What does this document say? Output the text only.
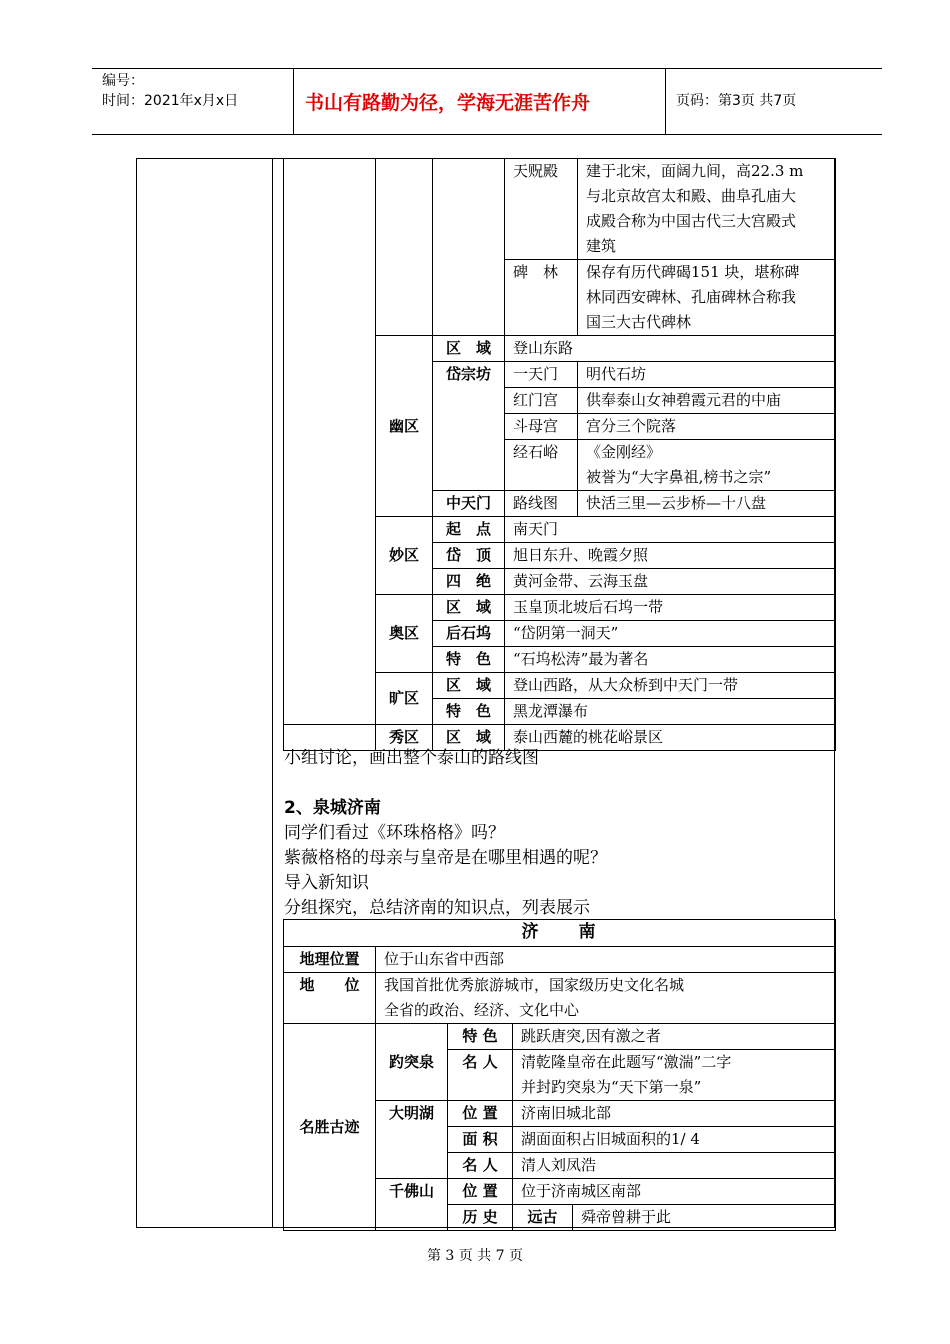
编号：
时间：2021年x月x日	书山有路勤为径，学海无涯苦作舟	页码：第3页 共7页
			天贶殿	建于北宋，面阔九间，高22.3 m
与北京故宫太和殿、曲阜孔庙大
成殿合称为中国古代三大宫殿式
建筑

			碑　林	保存有历代碑碣151 块，堪称碑
林同西安碑林、孔庙碑林合称我
国三大古代碑林

	幽区	区　域	登山东路	
		岱宗坊	一天门	明代石坊
			红门宫	供奉泰山女神碧霞元君的中庙
			斗母宫	宫分三个院落
			经石峪	《金刚经》
被誉为“大字鼻祖,榜书之宗”

		中天门	路线图	快活三里—云步桥—十八盘
	妙区	起　点	南天门	
		岱　顶	旭日东升、晚霞夕照	
		四　绝	黄河金带、云海玉盘	
	奥区	区　域	玉皇顶北坡后石坞一带	
		后石坞	“岱阴第一洞天”	
		特　色	“石坞松涛”最为著名	
	旷区	区　域	登山西路，从大众桥到中天门一带	
		特　色	黑龙潭瀑布	
	秀区	区　域	泰山西麓的桃花峪景区	
小组讨论，画出整个泰山的路线图
2、泉城济南
同学们看过《环珠格格》吗？
紫薇格格的母亲与皇帝是在哪里相遇的呢？
导入新知识
分组探究，总结济南的知识点，列表展示
济　　南				
地理位置	位于山东省中西部			
地　　位	我国首批优秀旅游城市，国家级历史文化名城
全省的政治、经济、文化中心			

名胜古迹	趵突泉	特 色	跳跃唐突,因有激之者	
		名 人	清乾隆皇帝在此题写“激湍”二字
并封趵突泉为“天下第一泉”	

	大明湖	位 置	济南旧城北部	
		面 积	湖面面积占旧城面积的1/ 4	
		名 人	清人刘凤浩	
	千佛山	位 置	位于济南城区南部	
		历 史	远古	舜帝曾耕于此
第 3 页 共 7 页
